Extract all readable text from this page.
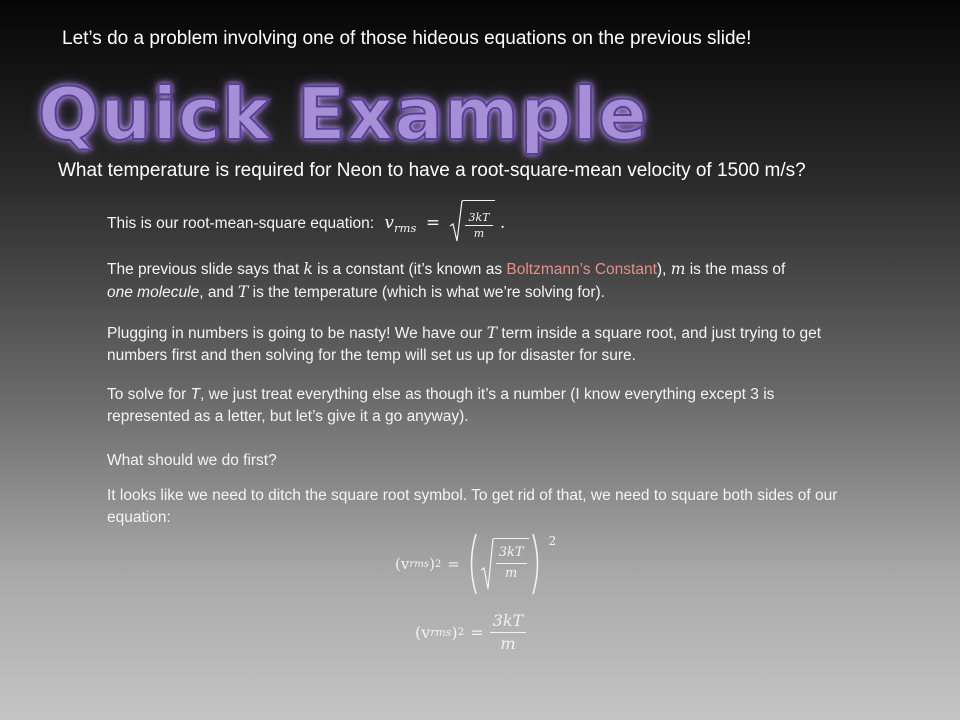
Let’s do a problem involving one of those hideous equations on the previous slide!
Quick Example
What temperature is required for Neon to have a root-square-mean velocity of 1500 m/s?
This is our root-mean-square equation: $v_{rms} = \frac{3kT}{m}$ .
The previous slide says that k is a constant (it’s known as Boltzmann’s Constant), m is the mass of
one molecule, and T is the temperature (which is what we’re solving for).
Plugging in numbers is going to be nasty! We have our T term inside a square root, and just trying to get numbers first and then solving for the temp will set us up for disaster for sure.
To solve for T, we just treat everything else as though it’s a number (I know everything except 3 is represented as a letter, but let’s give it a go anyway).
What should we do first?
It looks like we need to ditch the square root symbol. To get rid of that, we need to square both sides of our equation:
(v rms ) 2 =	$\frac{3kT}{m}$
2
(v rms ) $2 = \frac{3kT}{m}$
